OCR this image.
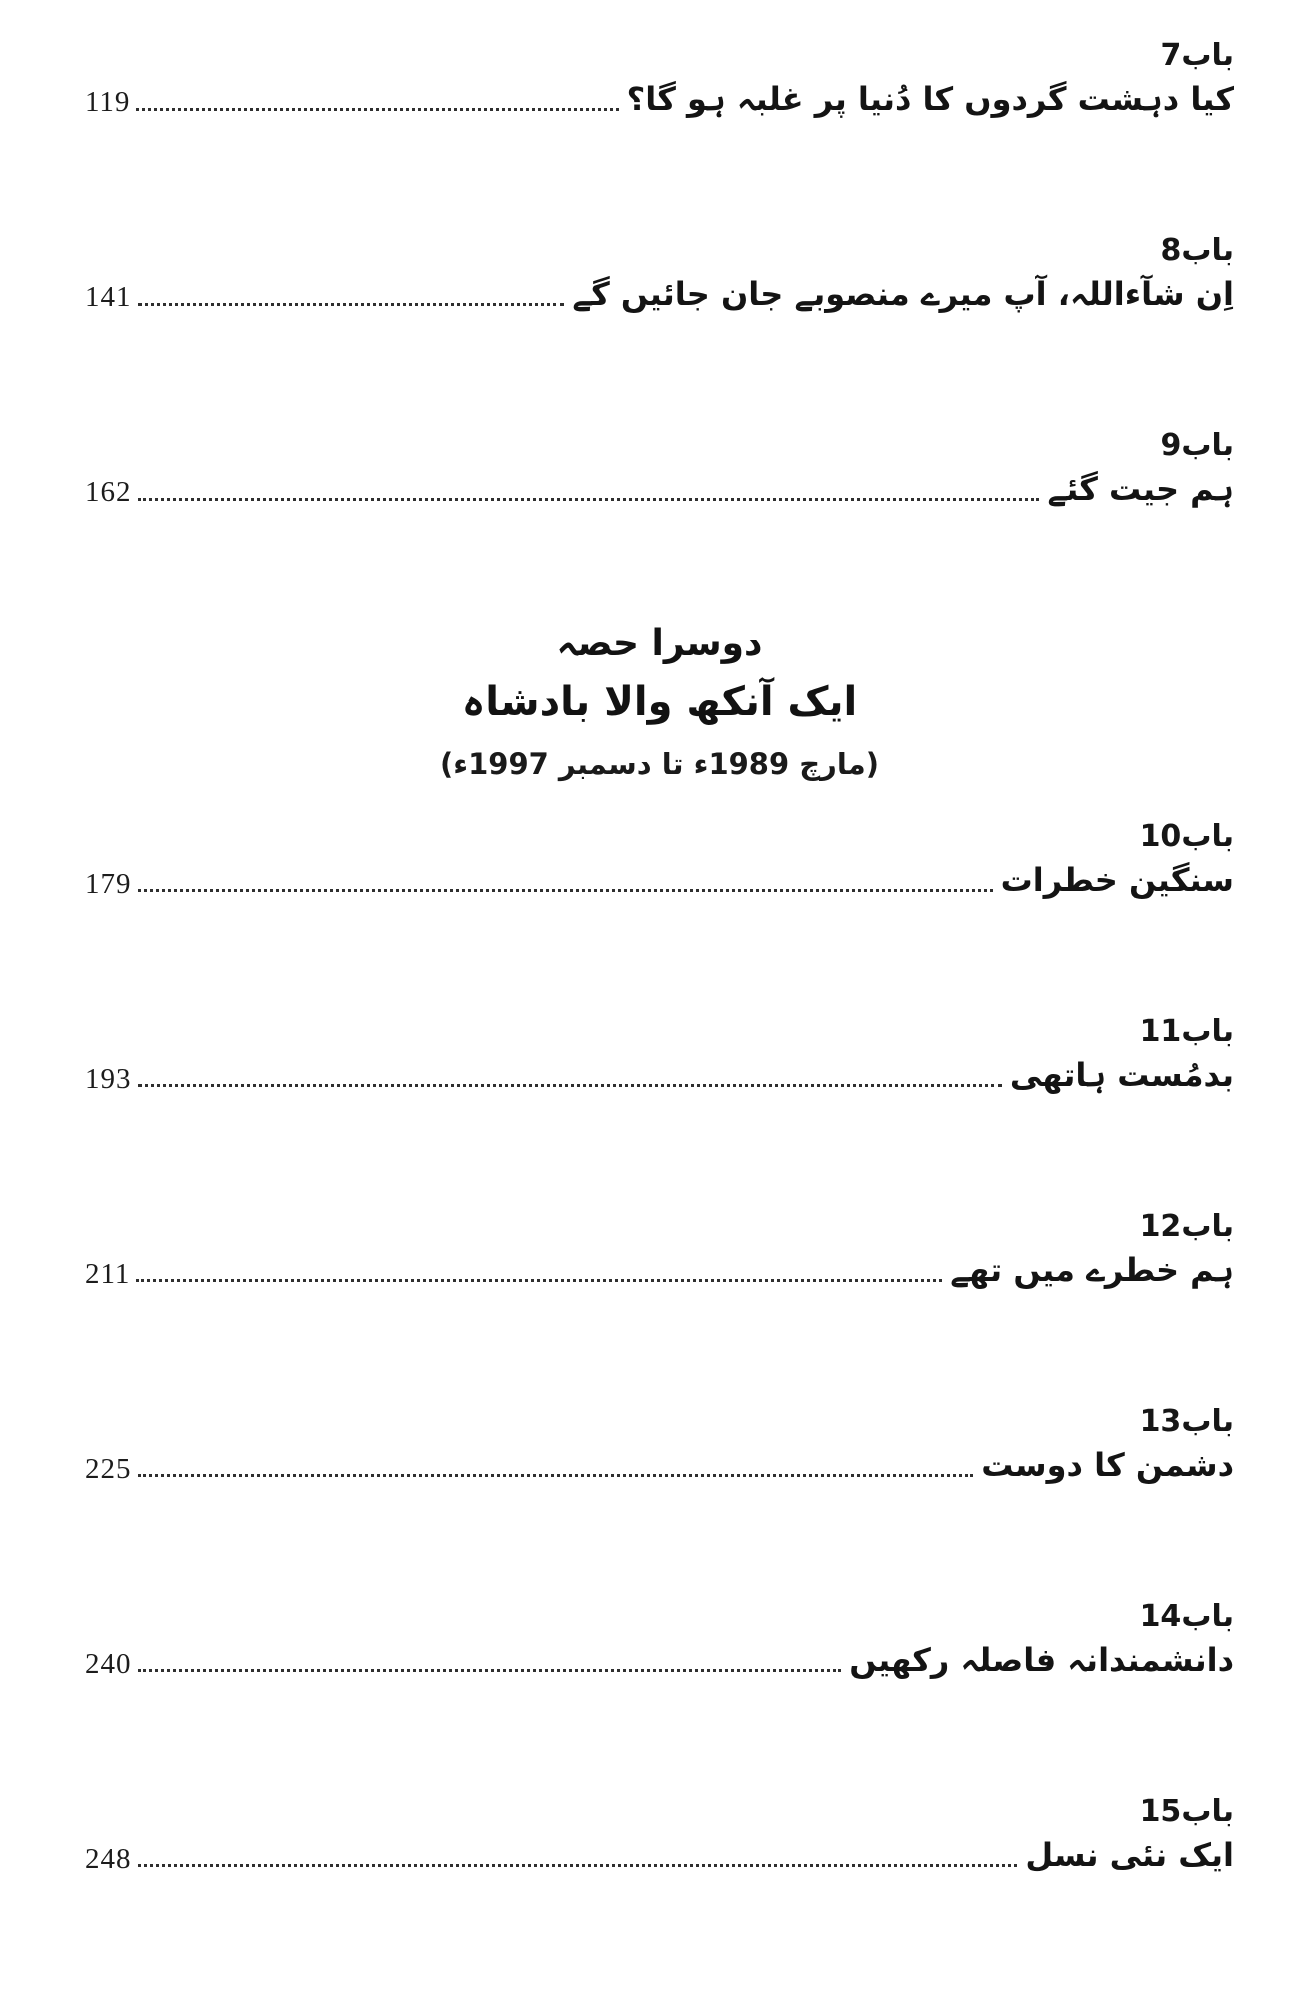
باب7
119	کیا دہشت گردوں کا دُنیا پر غلبہ ہو گا؟
باب8
141	اِن شآءاللہ، آپ میرے منصوبے جان جائیں گے
باب9
162	ہم جیت گئے
دوسرا حصہ
ایک آنکھ والا بادشاہ
(مارچ 1989ء تا دسمبر 1997ء)
باب10
179	سنگین خطرات
باب11
193	بدمُست ہاتھی
باب12
211	ہم خطرے میں تھے
باب13
225	دشمن کا دوست
باب14
240	دانشمندانہ فاصلہ رکھیں
باب15
248	ایک نئی نسل
